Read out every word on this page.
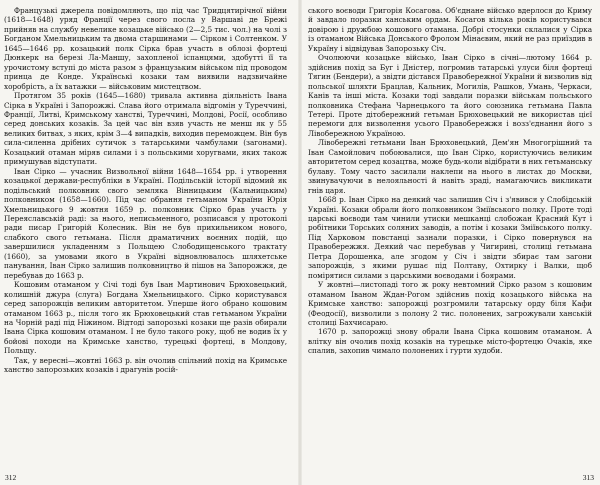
Французькі джерела повідомляють, що під час Тридцятирічної війни (1618—1648) уряд Франції через свого посла у Варшаві де Брежі прийняв на службу невелике козацьке військо (2—2,5 тис. чол.) на чолі з Богданом Хмельницьким та двома старшинами — Сірком і Солтенком. У 1645—1646 рр. козацький полк Сірка брав участь в облозі фортеці Дюнкерк на березі Ла-Маншу, захопленої іспанцями, здобутті її та урочистому вступі до міста разом з французьким військом під проводом принца де Конде. Українські козаки там виявили надзвичайне хоробрість, а їх ватажки — військовим мистецтвом.

Протягом 35 років (1645—1680) тривала активна діяльність Івана Сірка в Україні і Запорожжі. Слава його отримала відгомін у Туреччині, Франції, Литві, Кримському ханстві, Туреччині, Молдові, Росії, особливо серед донських козаків. За цей час він взяв участь не менш як у 55 великих битвах, з яких, крім 3—4 випадків, виходив переможцем. Він був сила-силенна дрібних сутичок з татарськими чамбулами (загонами). Козацький отаман міряв силами і з польськими хоругвами, яких також примушував відступати.

Іван Сірко — учасник Визвольної війни 1648—1654 рр. і утворення козацької держави-республіки в Україні. Подільській історії відомий як подільський полковник свого земляка Вінницьким (Кальницьким) полковником (1658—1660). Під час обрання гетьманом України Юрія Хмельницького 9 жовтня 1659 р. полковник Сірко брав участь у Переяславській раді: за нього, неписьменного, розписався у протоколі ради писар Григорій Колесник. Він не був прихильником нового, слабкого свого гетьмана. Після драматичних воєнних подій, що завершилися укладенням з Польщею Слободищенського трактату (1660), за умовами якого в Україні відновлювалось шляхетське панування, Іван Сірко залишив полковництво й пішов на Запорожжя, де перебував до 1663 р.

Кошовим отаманом у Січі тоді був Іван Мартинович Брюховецький, колишній джура (слуга) Богдана Хмельницького. Сірко користувався серед запорожців великим авторитетом. Уперше його обрано кошовим отаманом 1663 р., після того як Брюховецький став гетьманом України на Чорній раді під Ніжином. Відтоді запорозькі козаки ще разів обирали Івана Сірка кошовим отаманом. І не було такого року, щоб не водив їх у бойові походи на Кримське ханство, турецькі фортеці, в Молдову, Польщу.

Так, у вересні—жовтні 1663 р. він очолив спільний похід на Кримське ханство запорозьких козаків і драгунів росій-

ського воєводи Григорія Косагова. Об'єднане військо вдерлося до Криму й завдало поразки ханським ордам. Косагов кілька років користувався довірою і дружбою кошового отамана. Добрі стосунки склалися у Сірка із отаманом Війська Донського Фролом Мінаєвим, який не раз приїздив в Україну і відвідував Запорозьку Січ.

Очолюючи козацьке військо, Іван Сірко в січні—лютому 1664 р. здійснив похід за Буг і Дністер, погромив татарські улуси біля фортеці Тягин (Бендери), а звідти дістався Правобережної України й визволив від польської шляхти Брацлав, Кальник, Могилів, Рашков, Умань, Черкаси, Канів та інші міста. Козаки тоді завдали поразки військам польського полковника Стефана Чарнецького та його союзника гетьмана Павла Тетері. Проте дітобережний гетьман Брюховецький не використав цієї перемоги для визволення усього Правобережжя і возз'єднання його з Лівобережною Україною.

Лівобережні гетьмани Іван Брюховецький, Дем'ян Многогрішний та Іван Самойлович побоювалися, що Іван Сірко, користуючись великим авторитетом серед козацтва, може будь-коли відібрати в них гетьманську булаву. Тому часто засилали наклепи на нього в листах до Москви, звинувачуючи в нелояльності й навіть зраді, намагаючись викликати гнів царя.

1668 р. Іван Сірко на деякий час залишив Січ і з'явився у Слобідській Україні. Козаки обрали його полковником Зміївського полку. Проте тоді царські воєводи там чинили утиски мешканці слобожан Красний Кут і робітники Торських соляних заводів, а потім і козаки Зміївського полку. Під Харковом повстанці зазнали поразки, і Сірко повернувся на Правобережжя. Деякий час перебував у Чигирині, столиці гетьмана Петра Дорошенка, але згодом у Січ і звідти збирає там загони запорожців, з якими рушає під Полтаву, Охтирку і Валки, щоб помірятися силами з царськими воєводами і боярами.

У жовтні—листопаді того ж року невтомний Сірко разом з кошовим отаманом Іваном Ждан-Рогом здійснив похід козацького війська на Кримське ханство: запорожці розгромили татарську орду біля Кафи (Феодосії), визволили з полону 2 тис. полонених, загрожували ханській столиці Бахчисараю.

1670 р. запорожці знову обрали Івана Сірка кошовим отаманом. А влітку він очолив похід козаків на турецьке місто-фортецю Очаків, яке спалив, захопив чимало полонених і гурти худоби.

312	313
